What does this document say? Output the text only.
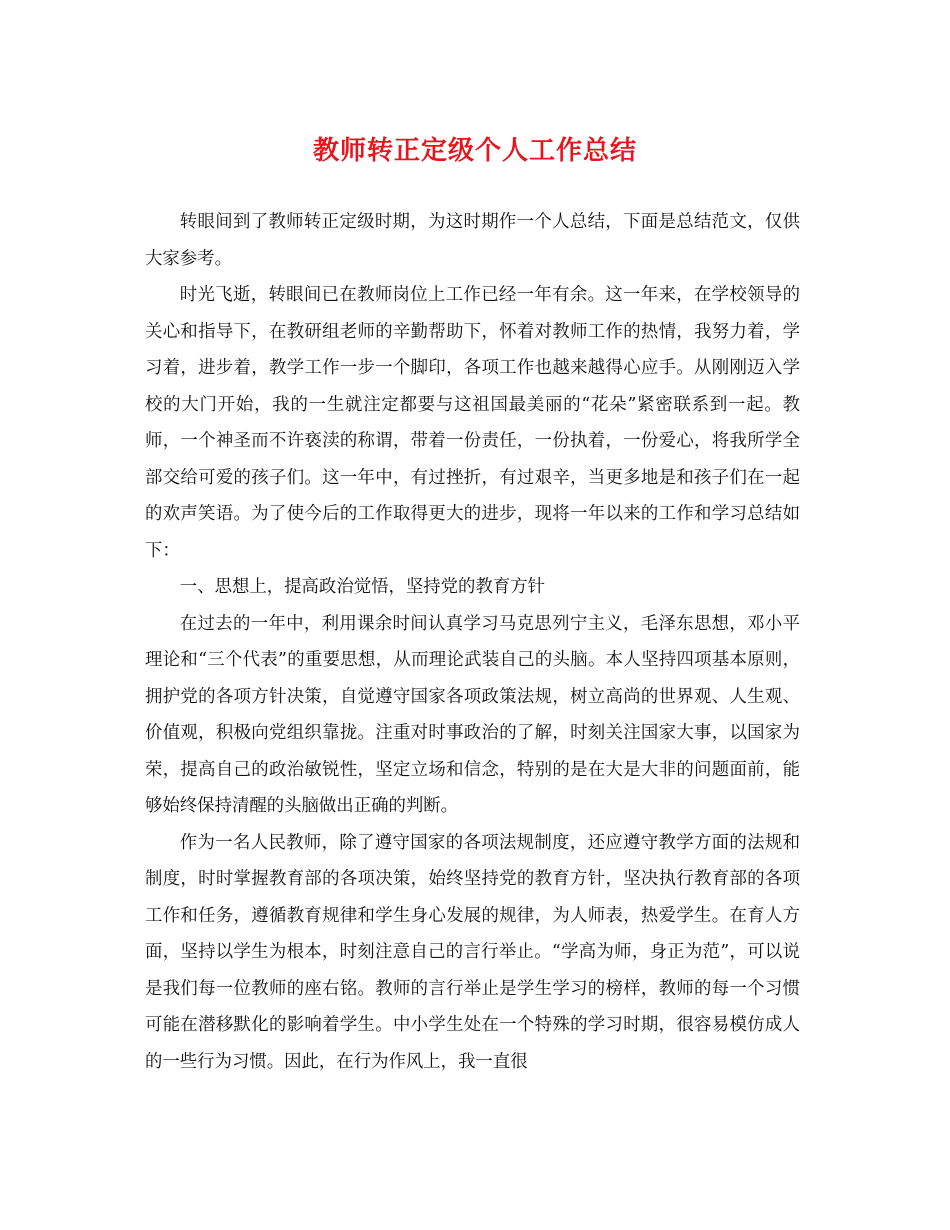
教师转正定级个人工作总结

转眼间到了教师转正定级时期，为这时期作一个人总结，下面是总结范文，仅供大家参考。

时光飞逝，转眼间已在教师岗位上工作已经一年有余。这一年来，在学校领导的关心和指导下，在教研组老师的辛勤帮助下，怀着对教师工作的热情，我努力着，学习着，进步着，教学工作一步一个脚印，各项工作也越来越得心应手。从刚刚迈入学校的大门开始，我的一生就注定都要与这祖国最美丽的“花朵”紧密联系到一起。教师，一个神圣而不许亵渎的称谓，带着一份责任，一份执着，一份爱心，将我所学全部交给可爱的孩子们。这一年中，有过挫折，有过艰辛，当更多地是和孩子们在一起的欢声笑语。为了使今后的工作取得更大的进步，现将一年以来的工作和学习总结如下：

一、思想上，提高政治觉悟，坚持党的教育方针

在过去的一年中，利用课余时间认真学习马克思列宁主义，毛泽东思想，邓小平理论和“三个代表”的重要思想，从而理论武装自己的头脑。本人坚持四项基本原则，拥护党的各项方针决策，自觉遵守国家各项政策法规，树立高尚的世界观、人生观、价值观，积极向党组织靠拢。注重对时事政治的了解，时刻关注国家大事，以国家为荣，提高自己的政治敏锐性，坚定立场和信念，特别的是在大是大非的问题面前，能够始终保持清醒的头脑做出正确的判断。

作为一名人民教师，除了遵守国家的各项法规制度，还应遵守教学方面的法规和制度，时时掌握教育部的各项决策，始终坚持党的教育方针，坚决执行教育部的各项工作和任务，遵循教育规律和学生身心发展的规律，为人师表，热爱学生。在育人方面，坚持以学生为根本，时刻注意自己的言行举止。“学高为师，身正为范”，可以说是我们每一位教师的座右铭。教师的言行举止是学生学习的榜样，教师的每一个习惯可能在潜移默化的影响着学生。中小学生处在一个特殊的学习时期，很容易模仿成人的一些行为习惯。因此，在行为作风上，我一直很
